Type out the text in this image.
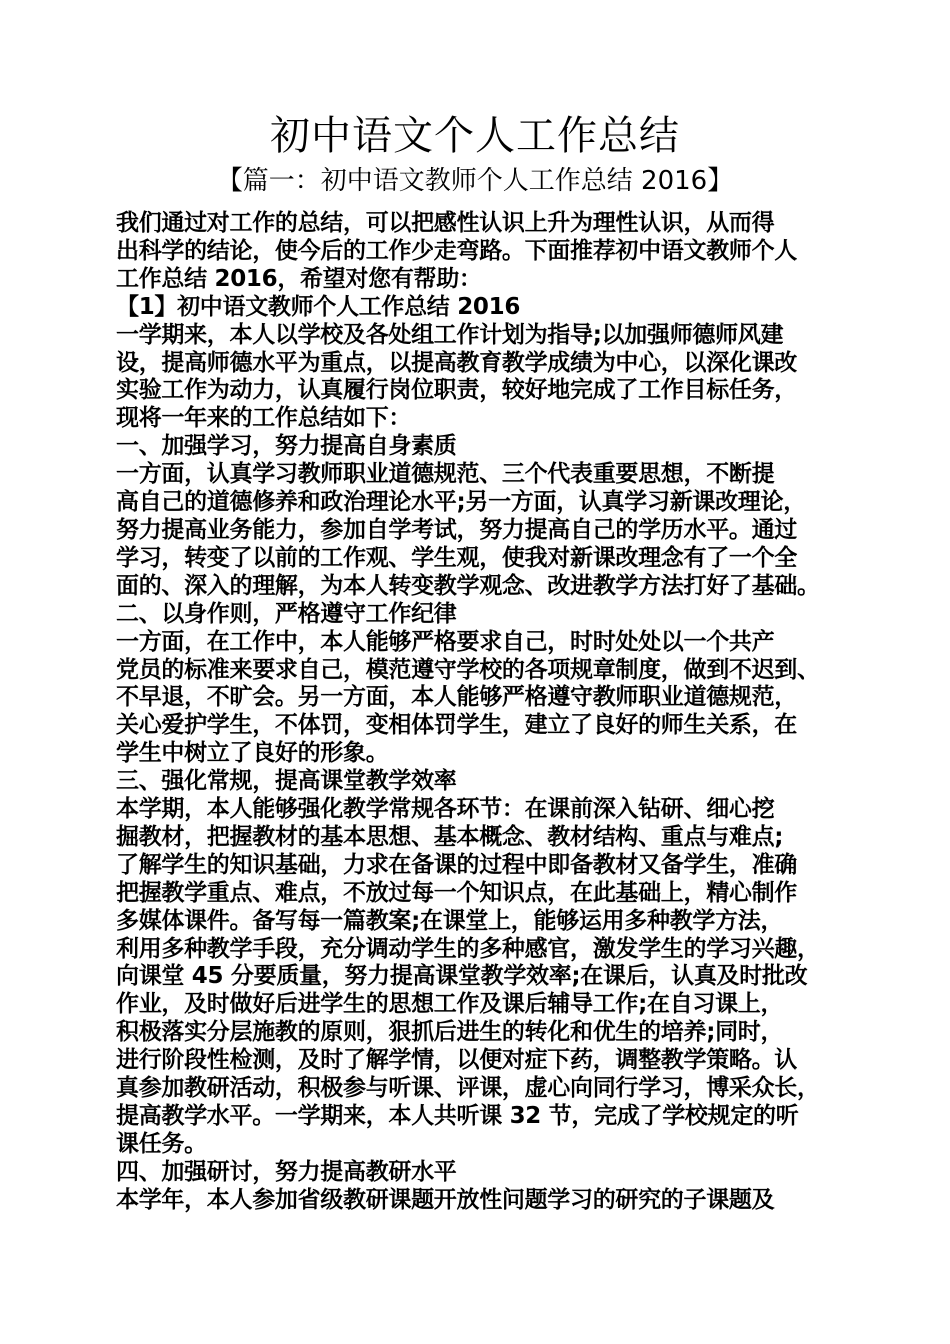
初中语文个人工作总结
【篇一：初中语文教师个人工作总结 2016】
我们通过对工作的总结，可以把感性认识上升为理性认识，从而得
出科学的结论，使今后的工作少走弯路。下面推荐初中语文教师个人
工作总结 2016，希望对您有帮助：
【1】初中语文教师个人工作总结 2016
一学期来，本人以学校及各处组工作计划为指导;以加强师德师风建
设，提高师德水平为重点，以提高教育教学成绩为中心，以深化课改
实验工作为动力，认真履行岗位职责，较好地完成了工作目标任务，
现将一年来的工作总结如下：
一、加强学习，努力提高自身素质
一方面，认真学习教师职业道德规范、三个代表重要思想，不断提
高自己的道德修养和政治理论水平;另一方面，认真学习新课改理论，
努力提高业务能力，参加自学考试，努力提高自己的学历水平。通过
学习，转变了以前的工作观、学生观，使我对新课改理念有了一个全
面的、深入的理解，为本人转变教学观念、改进教学方法打好了基础。
二、以身作则，严格遵守工作纪律
一方面，在工作中，本人能够严格要求自己，时时处处以一个共产
党员的标准来要求自己，模范遵守学校的各项规章制度，做到不迟到、
不早退，不旷会。另一方面，本人能够严格遵守教师职业道德规范，
关心爱护学生，不体罚，变相体罚学生，建立了良好的师生关系，在
学生中树立了良好的形象。
三、强化常规，提高课堂教学效率
本学期，本人能够强化教学常规各环节：在课前深入钻研、细心挖
掘教材，把握教材的基本思想、基本概念、教材结构、重点与难点;
了解学生的知识基础，力求在备课的过程中即备教材又备学生，准确
把握教学重点、难点，不放过每一个知识点，在此基础上，精心制作
多媒体课件。备写每一篇教案;在课堂上，能够运用多种教学方法，
利用多种教学手段，充分调动学生的多种感官，激发学生的学习兴趣，
向课堂 45 分要质量，努力提高课堂教学效率;在课后，认真及时批改
作业，及时做好后进学生的思想工作及课后辅导工作;在自习课上，
积极落实分层施教的原则，狠抓后进生的转化和优生的培养;同时，
进行阶段性检测，及时了解学情，以便对症下药，调整教学策略。认
真参加教研活动，积极参与听课、评课，虚心向同行学习，博采众长，
提高教学水平。一学期来，本人共听课 32 节，完成了学校规定的听
课任务。
四、加强研讨，努力提高教研水平
本学年，本人参加省级教研课题开放性问题学习的研究的子课题及
